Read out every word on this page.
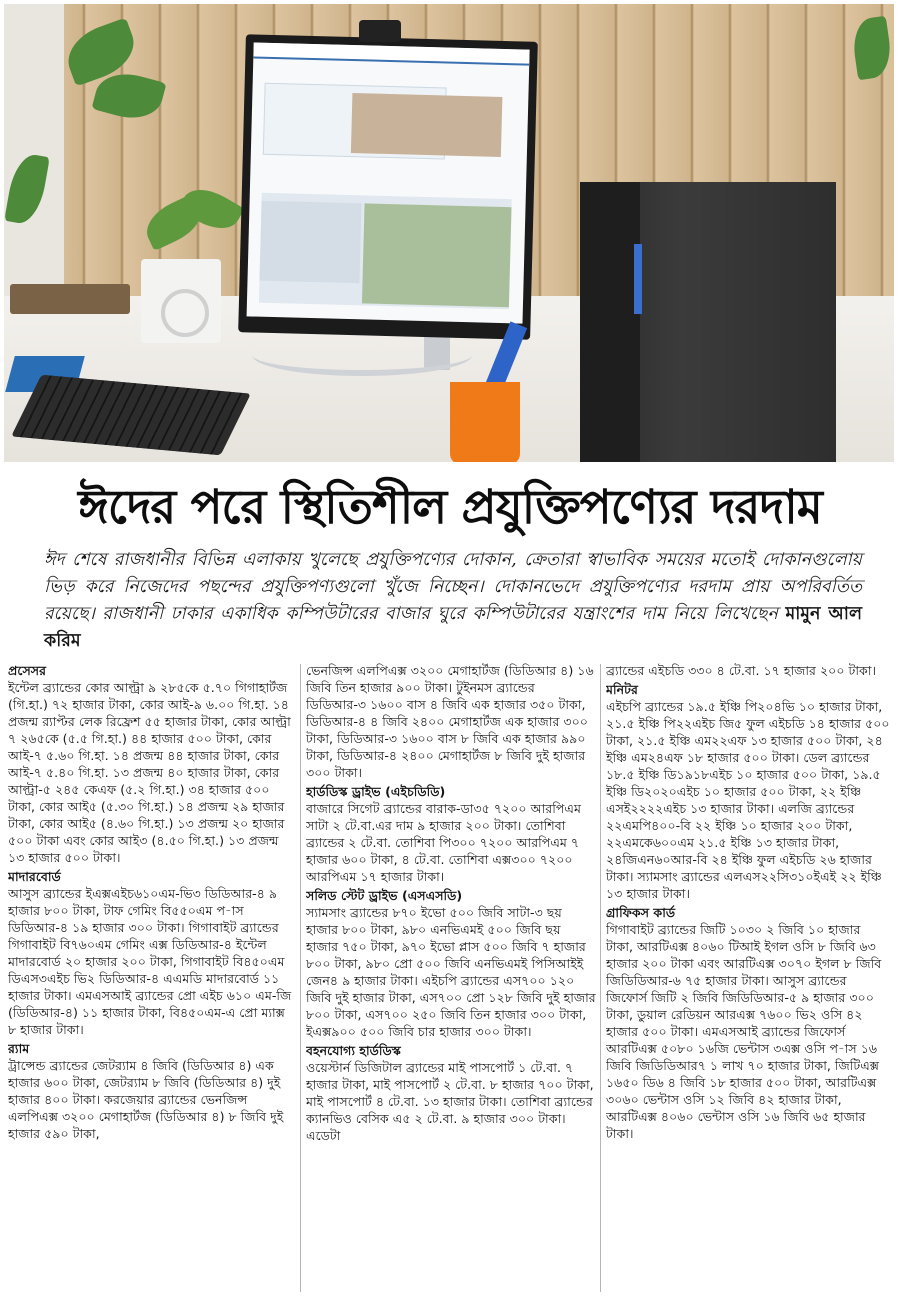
ঈদের পরে স্থিতিশীল প্রযুক্তিপণ্যের দরদাম

ঈদ শেষে রাজধানীর বিভিন্ন এলাকায় খুলেছে প্রযুক্তিপণ্যের দোকান, ক্রেতারা স্বাভাবিক সময়ের মতোই দোকানগুলোয় ভিড় করে নিজেদের পছন্দের প্রযুক্তিপণ্যগুলো খুঁজে নিচ্ছেন। দোকানভেদে প্রযুক্তিপণ্যের দরদাম প্রায় অপরিবর্তিত রয়েছে। রাজধানী ঢাকার একাধিক কম্পিউটারের বাজার ঘুরে কম্পিউটারের যন্ত্রাংশের দাম নিয়ে লিখেছেন মামুন আল করিম

প্রসেসর
ইন্টেল ব্র্যান্ডের কোর আল্ট্রা ৯ ২৮৫কে ৫.৭০ গিগাহার্টজ (গি.হা.) ৭২ হাজার টাকা, কোর আই-৯ ৬.০০ গি.হা. ১৪ প্রজন্ম র‍্যাপ্টর লেক রিফ্রেশ ৫৫ হাজার টাকা, কোর আল্ট্রা ৭ ২৬৫কে (৫.৫ গি.হা.) ৪৪ হাজার ৫০০ টাকা, কোর আই-৭ ৫.৬০ গি.হা. ১৪ প্রজন্ম ৪৪ হাজার টাকা, কোর আই-৭ ৫.৪০ গি.হা. ১৩ প্রজন্ম ৪০ হাজার টাকা, কোর আল্ট্রা-৫ ২৪৫ কেএফ (৫.২ গি.হা.) ৩৪ হাজার ৫০০ টাকা, কোর আই৫ (৫.৩০ গি.হা.) ১৪ প্রজন্ম ২৯ হাজার টাকা, কোর আই৫ (৪.৬০ গি.হা.) ১৩ প্রজন্ম ২০ হাজার ৫০০ টাকা এবং কোর আই৩ (৪.৫০ গি.হা.) ১৩ প্রজন্ম ১৩ হাজার ৫০০ টাকা।
মাদারবোর্ড
আসুস ব্র্যান্ডের ইএক্সএইচ৬১০এম-ভি৩ ডিডিআর-৪ ৯ হাজার ৮০০ টাকা, টাফ গেমিং বি৫৫০এম প-াস ডিডিআর-৪ ১৯ হাজার ৩০০ টাকা। গিগাবাইট ব্র্যান্ডের গিগাবাইট বি৭৬০এম গেমিং এক্স ডিডিআর-৪ ইন্টেল মাদারবোর্ড ২০ হাজার ২০০ টাকা, গিগাবাইট বি৪৫০এম ডিএস৩এইচ ভি২ ডিডিআর-৪ এএমডি মাদারবোর্ড ১১ হাজার টাকা। এমএসআই ব্র্যান্ডের প্রো এইচ ৬১০ এম-জি (ডিডিআর-৪) ১১ হাজার টাকা, বি৪৫০এম-এ প্রো ম্যাক্স ৮ হাজার টাকা।
র‍্যাম
ট্রান্সেন্ড ব্র্যান্ডের জেটর‍্যাম ৪ জিবি (ডিডিআর ৪) এক হাজার ৬০০ টাকা, জেটর‍্যাম ৮ জিবি (ডিডিআর ৪) দুই হাজার ৪০০ টাকা। করজেয়ার ব্র্যান্ডের ভেনজিন্স এলপিএক্স ৩২০০ মেগাহার্টজ (ডিডিআর ৪) ৮ জিবি দুই হাজার ৫৯০ টাকা,
ভেনজিন্স এলপিএক্স ৩২০০ মেগাহার্টজ (ডিডিআর ৪) ১৬ জিবি তিন হাজার ৯০০ টাকা। টুইনমস ব্র্যান্ডের ডিডিআর-৩ ১৬০০ বাস ৪ জিবি এক হাজার ৩৫০ টাকা, ডিডিআর-৪ ৪ জিবি ২৪০০ মেগাহার্টজ এক হাজার ৩০০ টাকা, ডিডিআর-৩ ১৬০০ বাস ৮ জিবি এক হাজার ৯৯০ টাকা, ডিডিআর-৪ ২৪০০ মেগাহার্টজ ৮ জিবি দুই হাজার ৩০০ টাকা।
হার্ডডিস্ক ড্রাইভ (এইচডিডি)
বাজারে সিগেট ব্র্যান্ডের বারাক-ডা৩৫ ৭২০০ আরপিএম সাটা ২ টে.বা.এর দাম ৯ হাজার ২০০ টাকা। তোশিবা ব্র্যান্ডের ২ টে.বা. তোশিবা পি৩০০ ৭২০০ আরপিএম ৭ হাজার ৬০০ টাকা, ৪ টে.বা. তোশিবা এক্স৩০০ ৭২০০ আরপিএম ১৭ হাজার টাকা।
সলিড স্টেট ড্রাইভ (এসএসডি)
স্যামসাং ব্র্যান্ডের ৮৭০ ইভো ৫০০ জিবি সাটা-৩ ছয় হাজার ৮০০ টাকা, ৯৮০ এনভিএমই ৫০০ জিবি ছয় হাজার ৭৫০ টাকা, ৯৭০ ইভো প্লাস ৫০০ জিবি ৭ হাজার ৮০০ টাকা, ৯৮০ প্রো ৫০০ জিবি এনভিএমই পিসিআইই জেন৪ ৯ হাজার টাকা। এইচপি ব্র্যান্ডের এস৭০০ ১২০ জিবি দুই হাজার টাকা, এস৭০০ প্রো ১২৮ জিবি দুই হাজার ৮০০ টাকা, এস৭০০ ২৫০ জিবি তিন হাজার ৩০০ টাকা, ইএক্স৯০০ ৫০০ জিবি চার হাজার ৩০০ টাকা।
বহনযোগ্য হার্ডডিস্ক
ওয়েস্টার্ন ডিজিটাল ব্র্যান্ডের মাই পাসপোর্ট ১ টে.বা. ৭ হাজার টাকা, মাই পাসপোর্ট ২ টে.বা. ৮ হাজার ৭০০ টাকা, মাই পাসপোর্ট ৪ টে.বা. ১৩ হাজার টাকা। তোশিবা ব্র্যান্ডের ক্যানভিও বেসিক এ৫ ২ টে.বা. ৯ হাজার ৩০০ টাকা। এডেটা
ব্র্যান্ডের এইচডি ৩৩০ ৪ টে.বা. ১৭ হাজার ২০০ টাকা।
মনিটর
এইচপি ব্র্যান্ডের ১৯.৫ ইঞ্চি পি২০৪ভি ১০ হাজার টাকা, ২১.৫ ইঞ্চি পি২২এইচ জি৫ ফুল এইচডি ১৪ হাজার ৫০০ টাকা, ২১.৫ ইঞ্চি এম২২এফ ১৩ হাজার ৫০০ টাকা, ২৪ ইঞ্চি এম২৪এফ ১৮ হাজার ৫০০ টাকা। ডেল ব্র্যান্ডের ১৮.৫ ইঞ্চি ডি১৯১৮এইচ ১০ হাজার ৫০০ টাকা, ১৯.৫ ইঞ্চি ডি২০২০এইচ ১০ হাজার ৫০০ টাকা, ২২ ইঞ্চি এসই২২২২এইচ ১৩ হাজার টাকা। এলজি ব্র্যান্ডের ২২এমপি৪০০-বি ২২ ইঞ্চি ১০ হাজার ২০০ টাকা, ২২এমকে৬০০এম ২১.৫ ইঞ্চি ১৩ হাজার টাকা, ২৪জিএন৬০আর-বি ২৪ ইঞ্চি ফুল এইচডি ২৬ হাজার টাকা। স্যামসাং ব্র্যান্ডের এলএস২২সি৩১০ইএই ২২ ইঞ্চি ১৩ হাজার টাকা।
গ্রাফিকস কার্ড
গিগাবাইট ব্র্যান্ডের জিটি ১০৩০ ২ জিবি ১০ হাজার টাকা, আরটিএক্স ৪০৬০ টিআই ইগল ওসি ৮ জিবি ৬৩ হাজার ২০০ টাকা এবং আরটিএক্স ৩০৭০ ইগল ৮ জিবি জিডিডিআর-৬ ৭৫ হাজার টাকা। আসুস ব্র্যান্ডের জিফোর্স জিটি ২ জিবি জিডিডিআর-৫ ৯ হাজার ৩০০ টাকা, ডুয়াল রেডিয়ন আরএক্স ৭৬০০ ভি২ ওসি ৪২ হাজার ৫০০ টাকা। এমএসআই ব্র্যান্ডের জিফোর্স আরটিএক্স ৫০৮০ ১৬জি ভেন্টাস ৩এক্স ওসি প-াস ১৬ জিবি জিডিডিআর৭ ১ লাখ ৭০ হাজার টাকা, জিটিএক্স ১৬৫০ ডি৬ ৪ জিবি ১৮ হাজার ৫০০ টাকা, আরটিএক্স ৩০৬০ ভেন্টাস ওসি ১২ জিবি ৪২ হাজার টাকা, আরটিএক্স ৪০৬০ ভেন্টাস ওসি ১৬ জিবি ৬৫ হাজার টাকা।
